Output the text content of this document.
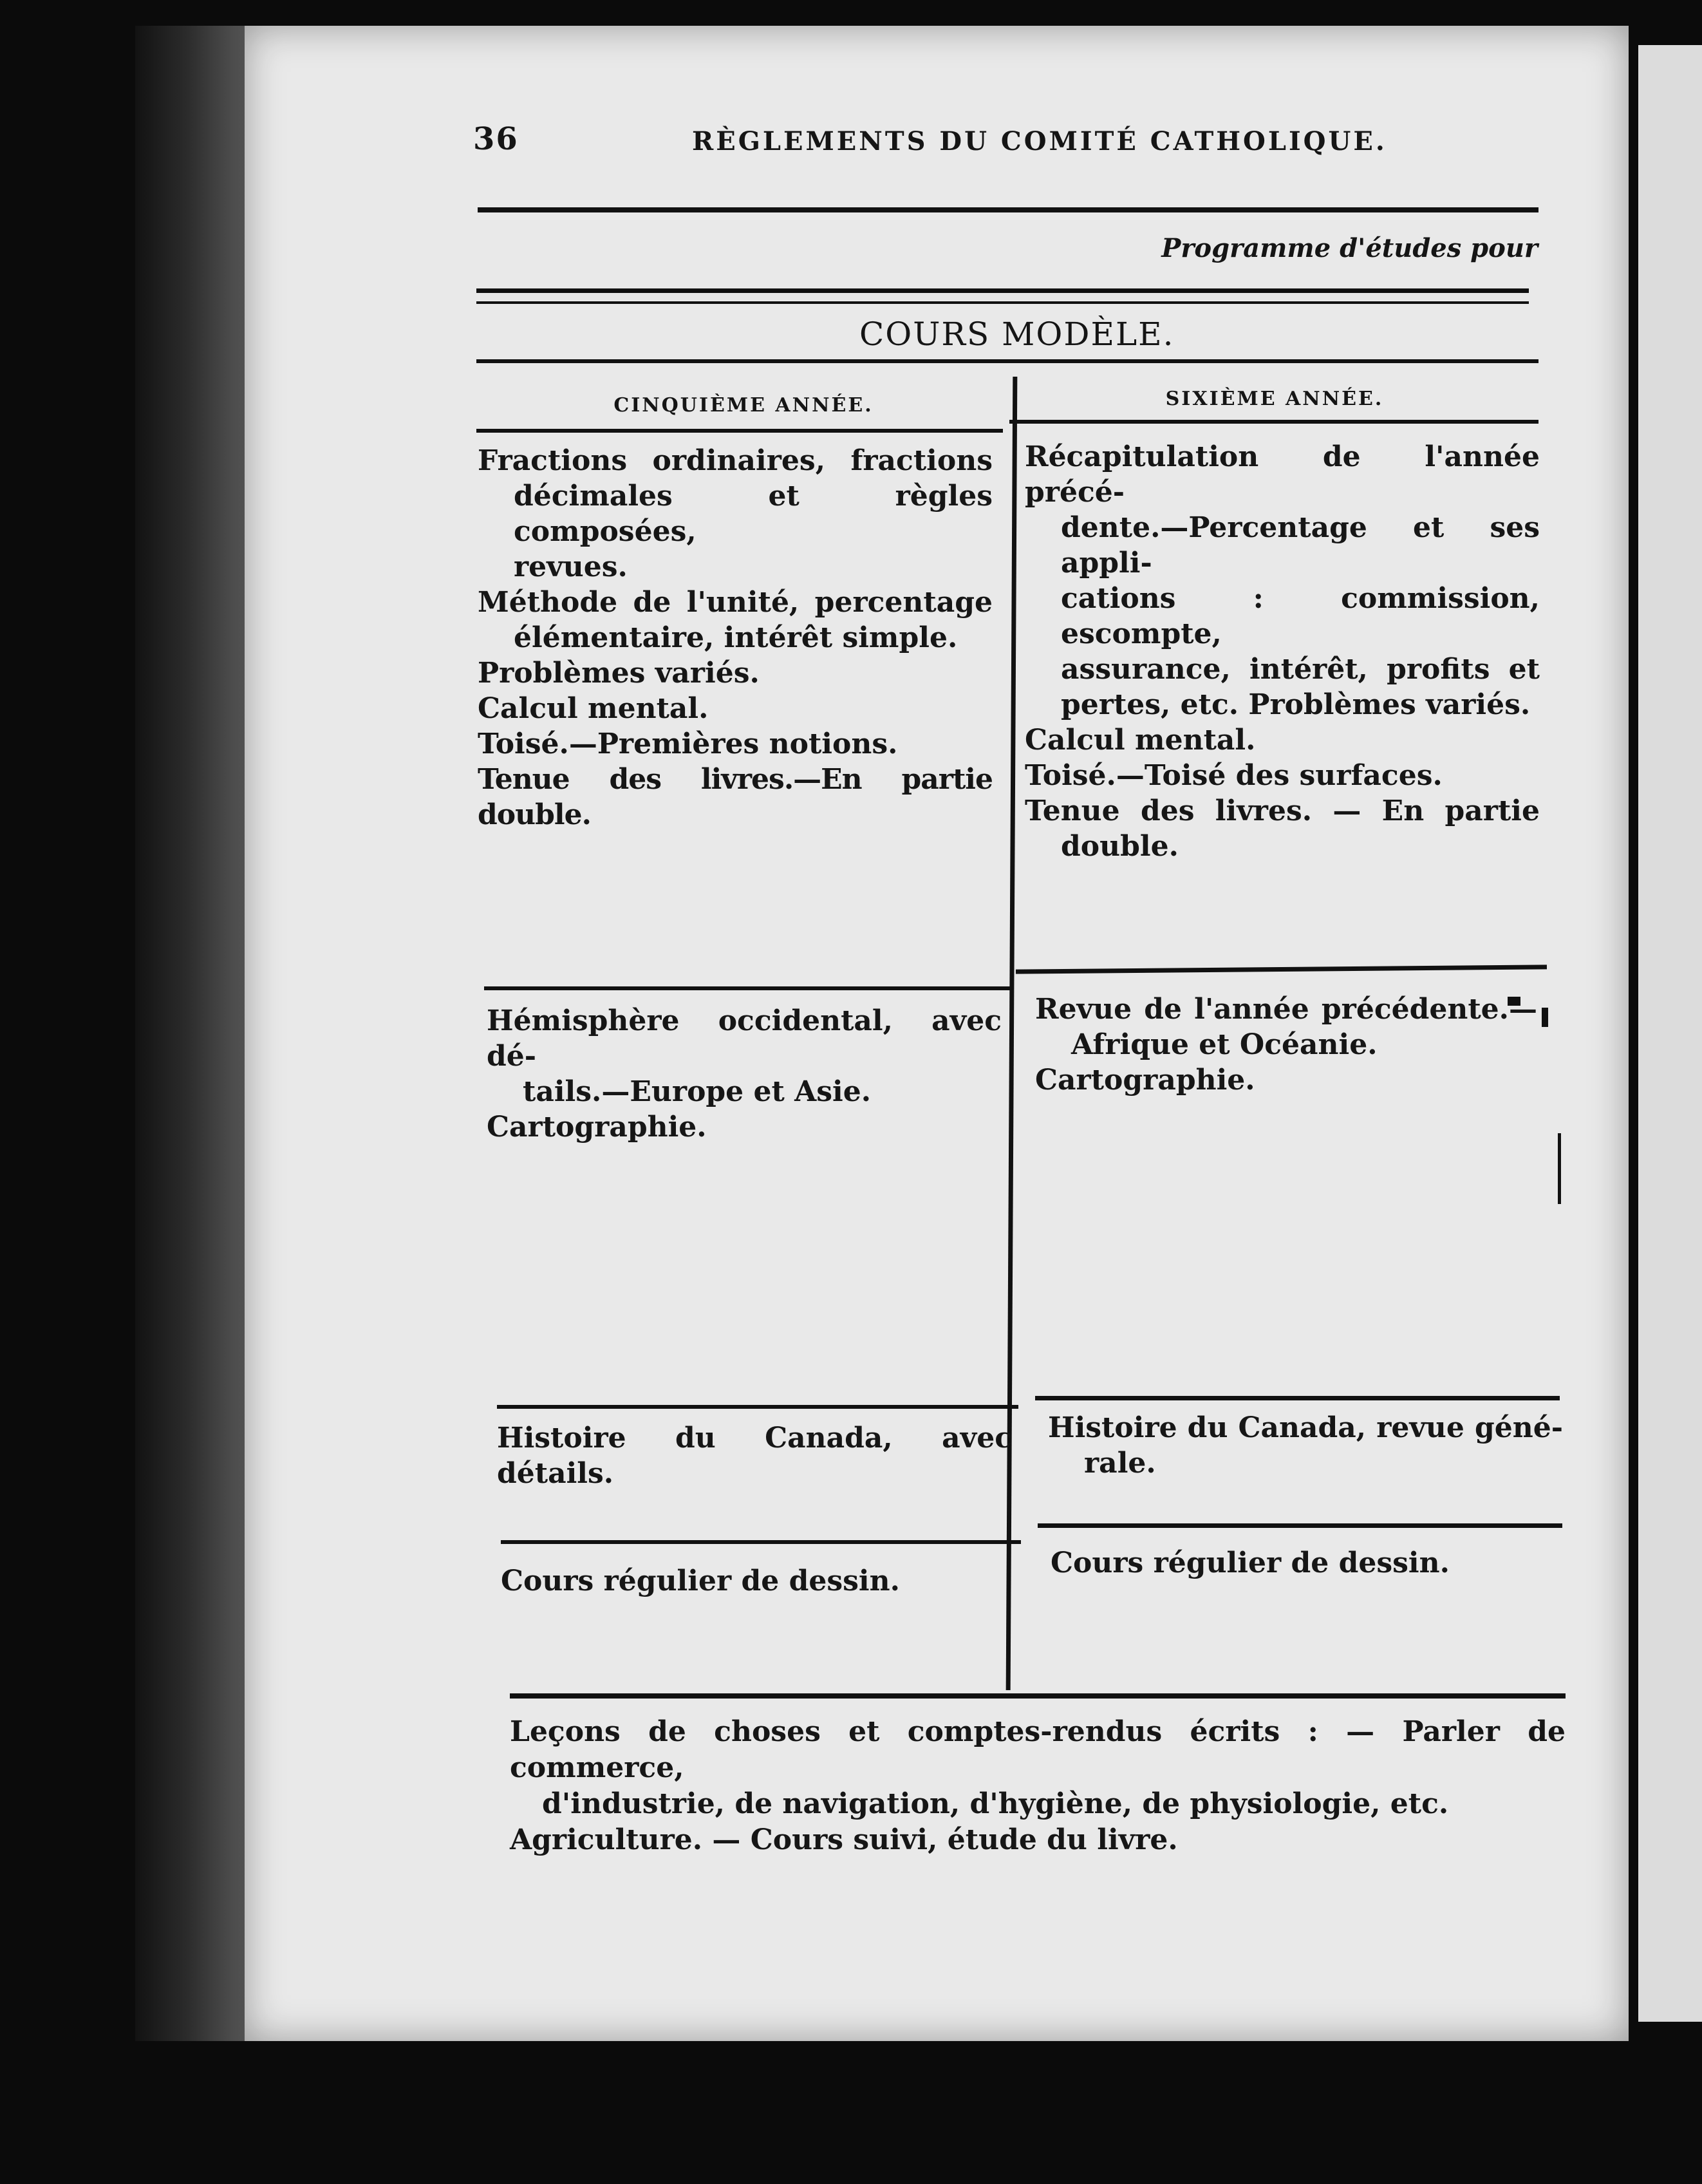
36	RÈGLEMENTS DU COMITÉ CATHOLIQUE.
Programme d'études pour
COURS MODÈLE.
CINQUIÈME ANNÉE.	SIXIÈME ANNÉE.
Fractions ordinaires, fractions
décimales et règles composées,
revues.
Méthode de l'unité, percentage
élémentaire, intérêt simple.
Problèmes variés.
Calcul mental.
Toisé.—Premières notions.
Tenue des livres.—En partie double.
Récapitulation de l'année précé-
dente.—Percentage et ses appli-
cations : commission, escompte,
assurance, intérêt, profits et
pertes, etc. Problèmes variés.
Calcul mental.
Toisé.—Toisé des surfaces.
Tenue des livres. — En partie
double.
Hémisphère occidental, avec dé-
tails.—Europe et Asie.
Cartographie.
Revue de l'année précédente.—
Afrique et Océanie.
Cartographie.
Histoire du Canada, avec détails.
Histoire du Canada, revue géné-
rale.
Cours régulier de dessin.
Cours régulier de dessin.
Leçons de choses et comptes-rendus écrits : — Parler de commerce,
d'industrie, de navigation, d'hygiène, de physiologie, etc.
Agriculture. — Cours suivi, étude du livre.
